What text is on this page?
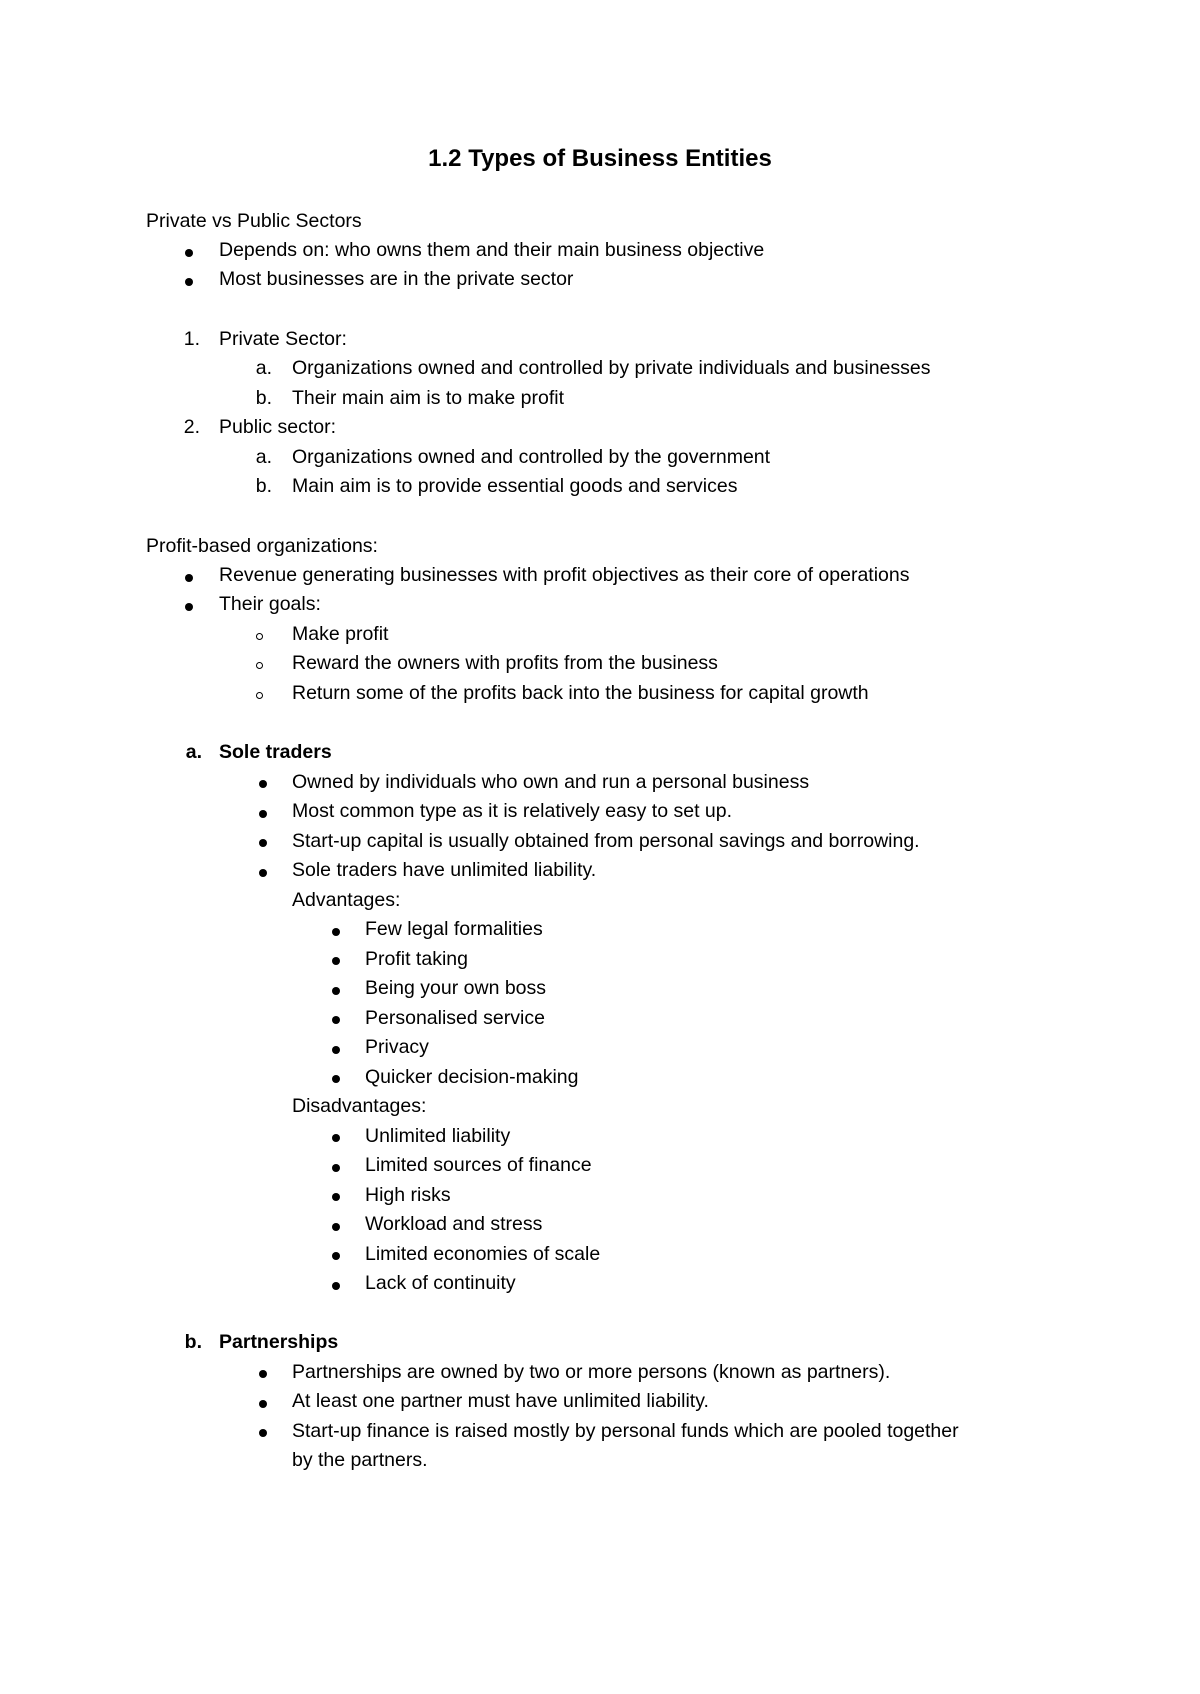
1.2 Types of Business Entities
Private vs Public Sectors
Depends on: who owns them and their main business objective
Most businesses are in the private sector
1. Private Sector:
a. Organizations owned and controlled by private individuals and businesses
b. Their main aim is to make profit
2. Public sector:
a. Organizations owned and controlled by the government
b. Main aim is to provide essential goods and services
Profit-based organizations:
Revenue generating businesses with profit objectives as their core of operations
Their goals:
Make profit
Reward the owners with profits from the business
Return some of the profits back into the business for capital growth
a. Sole traders
Owned by individuals who own and run a personal business
Most common type as it is relatively easy to set up.
Start-up capital is usually obtained from personal savings and borrowing.
Sole traders have unlimited liability.
Advantages:
Few legal formalities
Profit taking
Being your own boss
Personalised service
Privacy
Quicker decision-making
Disadvantages:
Unlimited liability
Limited sources of finance
High risks
Workload and stress
Limited economies of scale
Lack of continuity
b. Partnerships
Partnerships are owned by two or more persons (known as partners).
At least one partner must have unlimited liability.
Start-up finance is raised mostly by personal funds which are pooled together
by the partners.
